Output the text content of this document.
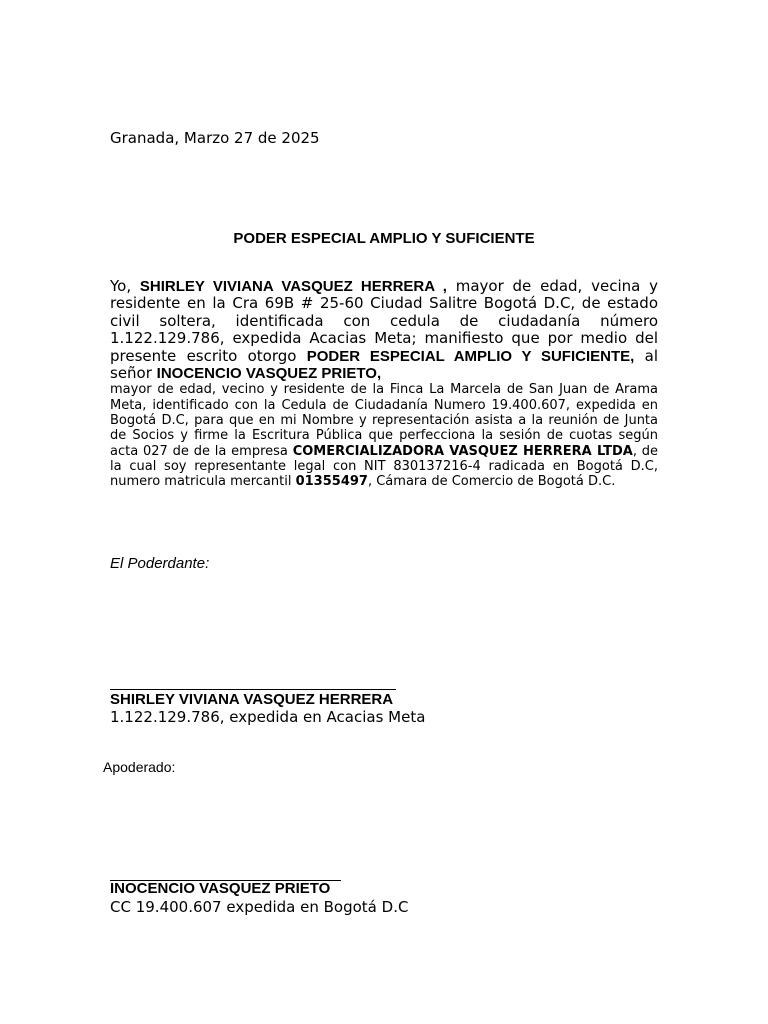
Granada, Marzo 27 de 2025
PODER ESPECIAL AMPLIO Y SUFICIENTE

Yo, SHIRLEY VIVIANA VASQUEZ HERRERA , mayor de edad, vecina y residente en la Cra 69B # 25-60 Ciudad Salitre Bogotá D.C, de estado civil soltera, identificada con cedula de ciudadanía número 1.122.129.786, expedida Acacias Meta; manifiesto que por medio del presente escrito otorgo PODER ESPECIAL AMPLIO Y SUFICIENTE, al señor INOCENCIO VASQUEZ PRIETO,

mayor de edad, vecino y residente de la Finca La Marcela de San Juan de Arama Meta, identificado con la Cedula de Ciudadanía Numero 19.400.607, expedida en Bogotá D.C, para que en mi Nombre y representación asista a la reunión de Junta de Socios y firme la Escritura Pública que perfecciona la sesión de cuotas según acta 027 de de la empresa COMERCIALIZADORA VASQUEZ HERRERA LTDA, de la cual soy representante legal con NIT 830137216-4 radicada en Bogotá D.C, numero matricula mercantil 01355497, Cámara de Comercio de Bogotá D.C.

El Poderdante:
SHIRLEY VIVIANA VASQUEZ HERRERA
1.122.129.786, expedida en Acacias Meta
Apoderado:
INOCENCIO VASQUEZ PRIETO
CC 19.400.607 expedida en Bogotá D.C
